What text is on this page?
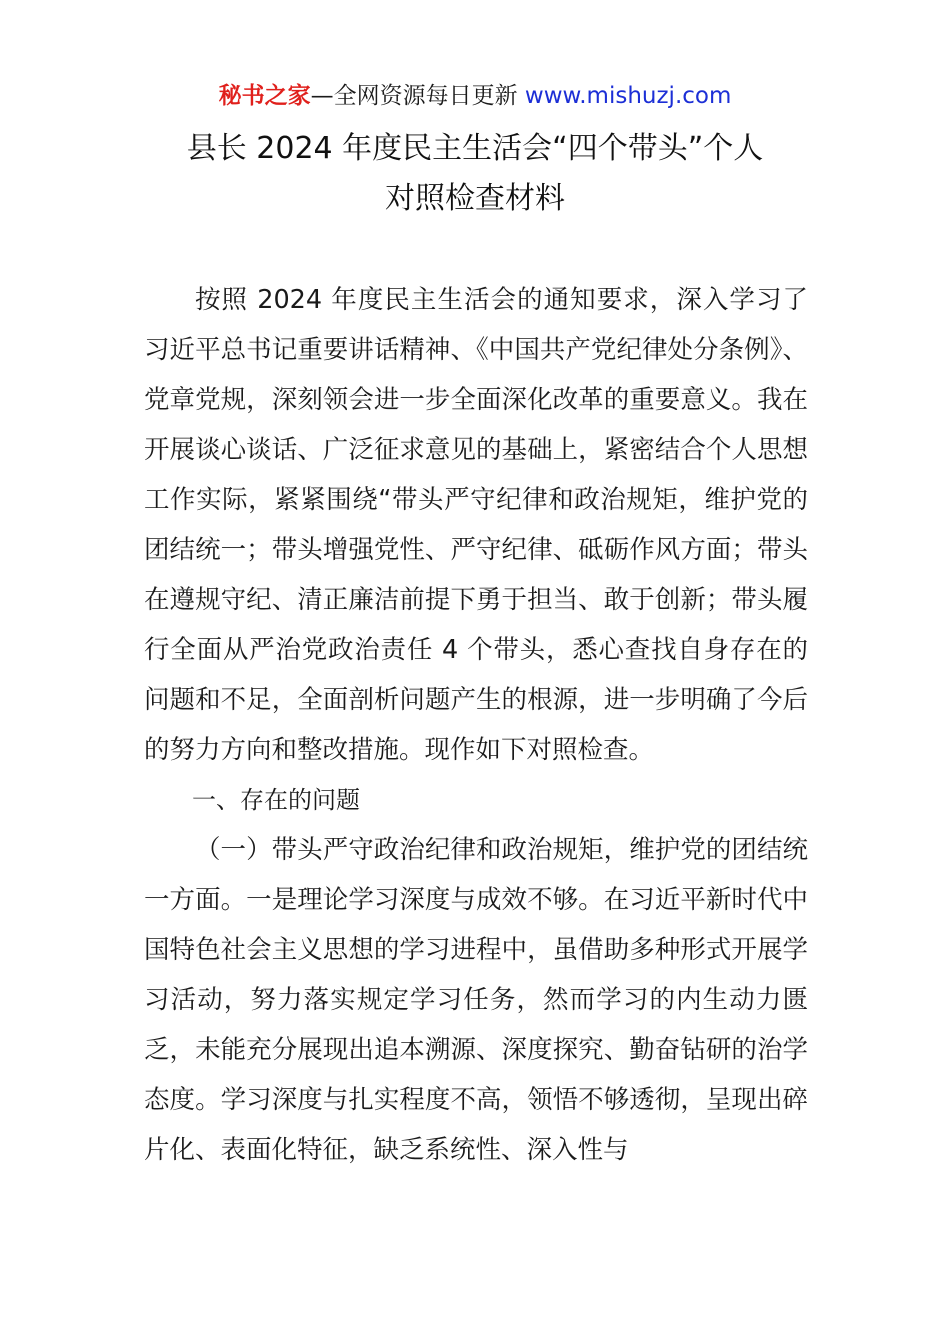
秘书之家—全网资源每日更新 www.mishuzj.com
县长 2024 年度民主生活会“四个带头”个人
对照检查材料

按照 2024 年度民主生活会的通知要求，深入学习了习近平总书记重要讲话精神、《中国共产党纪律处分条例》、党章党规，深刻领会进一步全面深化改革的重要意义。我在开展谈心谈话、广泛征求意见的基础上，紧密结合个人思想工作实际，紧紧围绕“带头严守纪律和政治规矩，维护党的团结统一；带头增强党性、严守纪律、砥砺作风方面；带头在遵规守纪、清正廉洁前提下勇于担当、敢于创新；带头履行全面从严治党政治责任 4 个带头，悉心查找自身存在的问题和不足，全面剖析问题产生的根源，进一步明确了今后的努力方向和整改措施。现作如下对照检查。

一、存在的问题

（一）带头严守政治纪律和政治规矩，维护党的团结统一方面。一是理论学习深度与成效不够。在习近平新时代中国特色社会主义思想的学习进程中，虽借助多种形式开展学习活动，努力落实规定学习任务，然而学习的内生动力匮乏，未能充分展现出追本溯源、深度探究、勤奋钻研的治学态度。学习深度与扎实程度不高，领悟不够透彻，呈现出碎片化、表面化特征，缺乏系统性、深入性与
